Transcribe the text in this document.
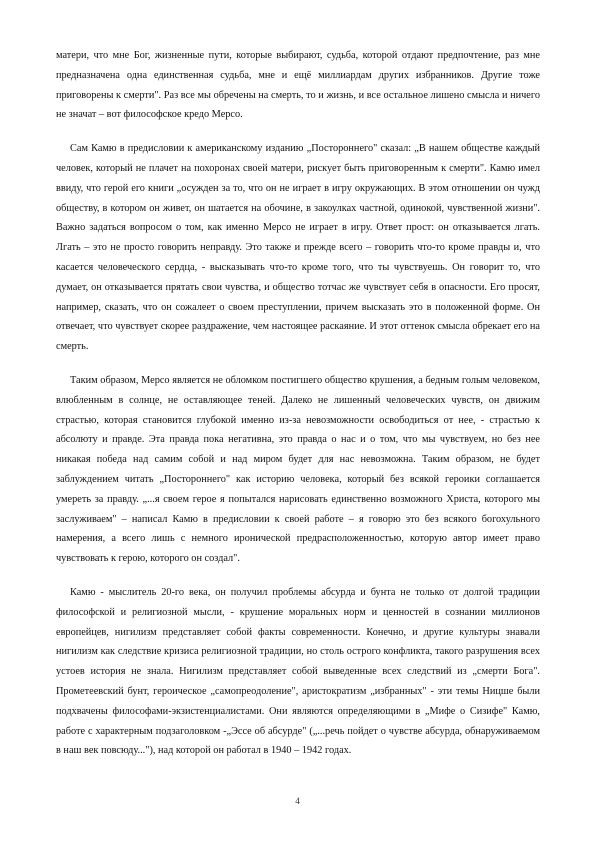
матери, что мне Бог, жизненные пути, которые выбирают, судьба, которой отдают предпочтение, раз мне предназначена одна единственная судьба, мне и ещё миллиардам других избранников. Другие тоже приговорены к смерти". Раз все мы обречены на смерть, то и жизнь, и все остальное лишено смысла и ничего не значат – вот философское кредо Мерсо.

Сам Камю в предисловии к американскому изданию „Постороннего" сказал: „В нашем обществе каждый человек, который не плачет на похоронах своей матери, рискует быть приговоренным к смерти". Камю имел ввиду, что герой его книги „осужден за то, что он не играет в игру окружающих. В этом отношении он чужд обществу, в котором он живет, он шатается на обочине, в закоулках частной, одинокой, чувственной жизни". Важно задаться вопросом о том, как именно Мерсо не играет в игру. Ответ прост: он отказывается лгать. Лгать – это не просто говорить неправду. Это также и прежде всего – говорить что-то кроме правды и, что касается человеческого сердца, - высказывать что-то кроме того, что ты чувствуешь. Он говорит то, что думает, он отказывается прятать свои чувства, и общество тотчас же чувствует себя в опасности. Его просят, например, сказать, что он сожалеет о своем преступлении, причем высказать это в положенной форме. Он отвечает, что чувствует скорее раздражение, чем настоящее раскаяние. И этот оттенок смысла обрекает его на смерть.

Таким образом, Мерсо является не обломком постигшего общество крушения, а бедным голым человеком, влюбленным в солнце, не оставляющее теней. Далеко не лишенный человеческих чувств, он движим страстью, которая становится глубокой именно из-за невозможности освободиться от нее, - страстью к абсолюту и правде. Эта правда пока негативна, это правда о нас и о том, что мы чувствуем, но без нее никакая победа над самим собой и над миром будет для нас невозможна. Таким образом, не будет заблуждением читать „Постороннего" как историю человека, который без всякой героики соглашается умереть за правду. „...я своем герое я попытался нарисовать единственно возможного Христа, которого мы заслуживаем" – написал Камю в предисловии к своей работе – я говорю это без всякого богохульного намерения, а всего лишь с немного иронической предрасположенностью, которую автор имеет право чувствовать к герою, которого он создал".

Камю - мыслитель 20-го века, он получил проблемы абсурда и бунта не только от долгой традиции философской и религиозной мысли, - крушение моральных норм и ценностей в сознании миллионов европейцев, нигилизм представляет собой факты современности. Конечно, и другие культуры знавали нигилизм как следствие кризиса религиозной традиции, но столь острого конфликта, такого разрушения всех устоев история не знала. Нигилизм представляет собой выведенные всех следствий из „смерти Бога". Прометеевский бунт, героическое „самопреодоление", аристократизм „избранных" - эти темы Ницше были подхвачены философами-экзистенциалистами. Они являются определяющими в „Мифе о Сизифе" Камю, работе с характерным подзаголовком -„Эссе об абсурде" („...речь пойдет о чувстве абсурда, обнаруживаемом в наш век повсюду..."), над которой он работал в 1940 – 1942 годах.

4
